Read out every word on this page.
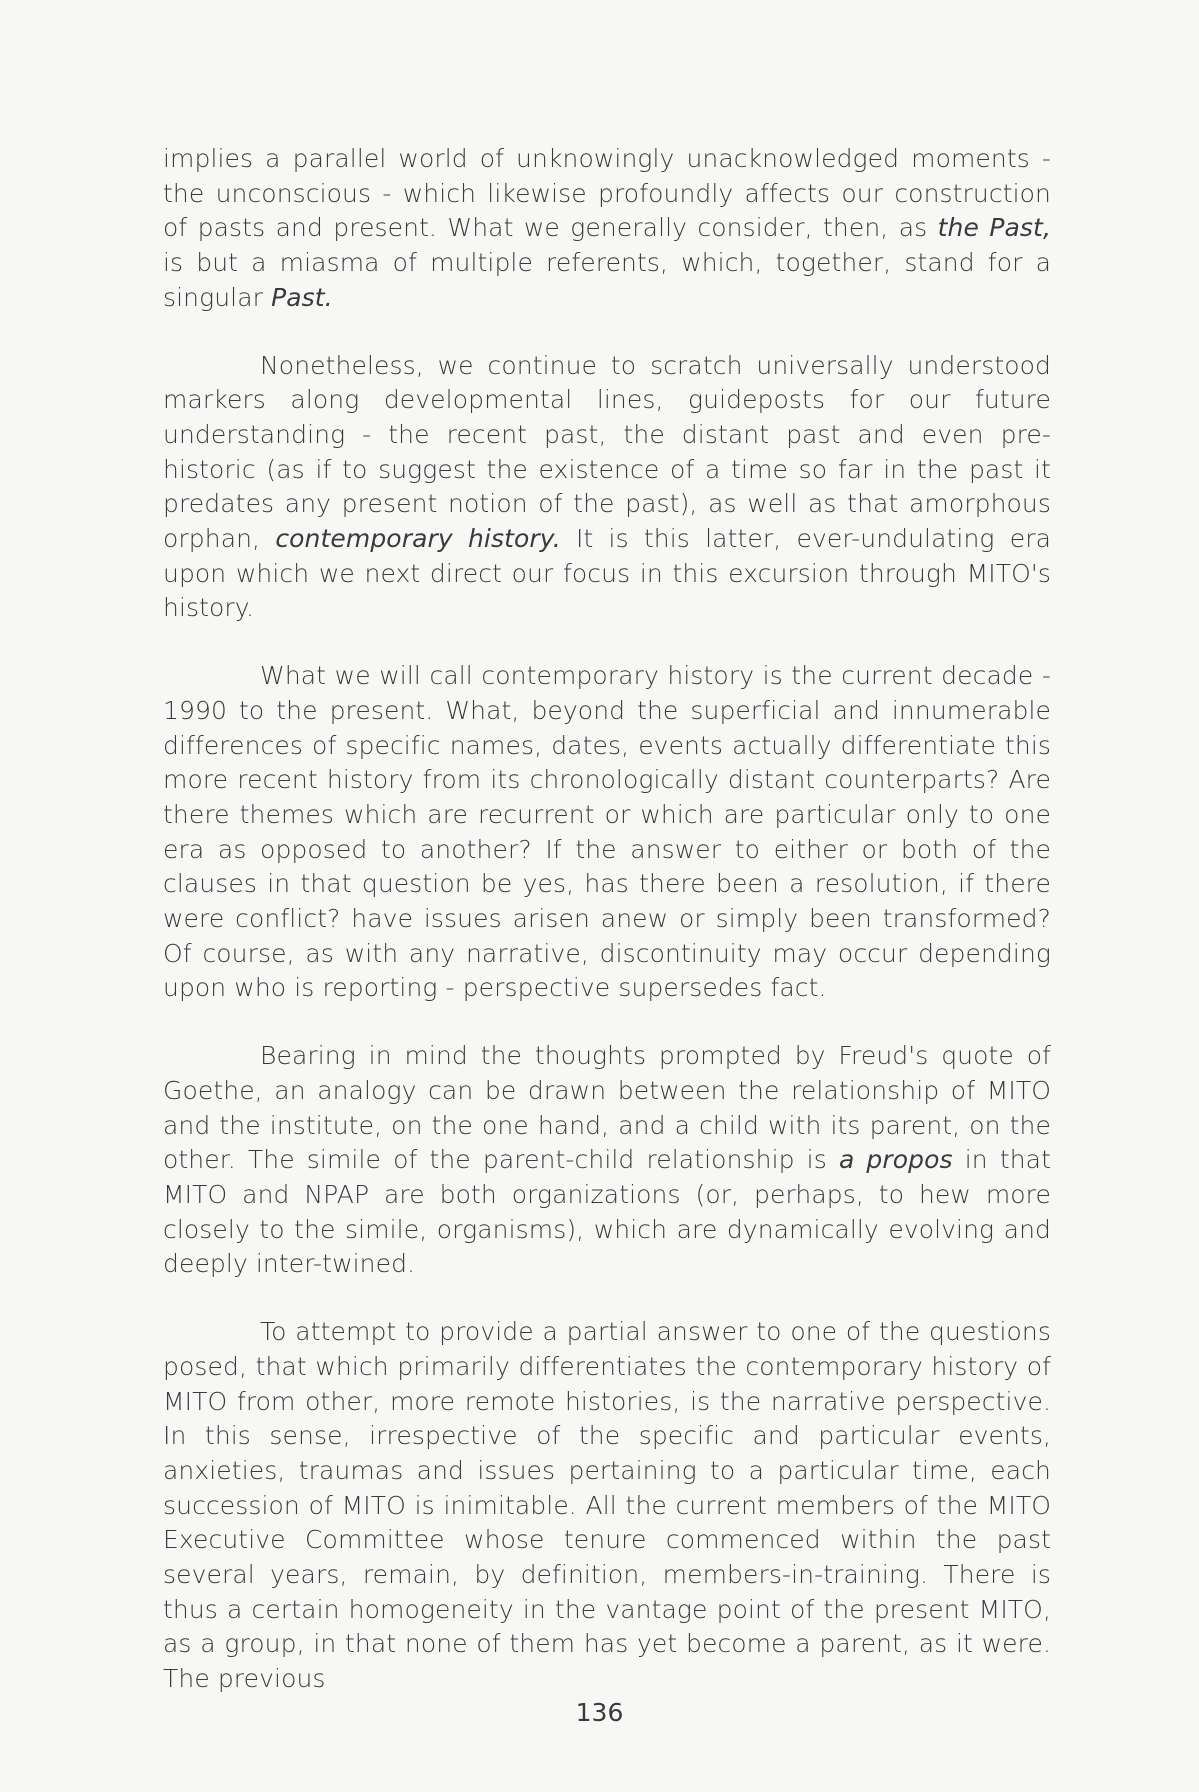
implies a parallel world of unknowingly unacknowledged moments - the unconscious - which likewise profoundly affects our construction of pasts and present. What we generally consider, then, as the Past, is but a miasma of multiple referents, which, together, stand for a singular Past.

Nonetheless, we continue to scratch universally understood markers along developmental lines, guideposts for our future understanding - the recent past, the distant past and even pre-historic (as if to suggest the existence of a time so far in the past it predates any present notion of the past), as well as that amorphous orphan, contemporary history. It is this latter, ever-undulating era upon which we next direct our focus in this excursion through MITO's history.

What we will call contemporary history is the current decade - 1990 to the present. What, beyond the superficial and innumerable differences of specific names, dates, events actually differentiate this more recent history from its chronologically distant counterparts? Are there themes which are recurrent or which are particular only to one era as opposed to another? If the answer to either or both of the clauses in that question be yes, has there been a resolution, if there were conflict? have issues arisen anew or simply been transformed? Of course, as with any narrative, discontinuity may occur depending upon who is reporting - perspective supersedes fact.

Bearing in mind the thoughts prompted by Freud's quote of Goethe, an analogy can be drawn between the relationship of MITO and the institute, on the one hand, and a child with its parent, on the other. The simile of the parent-child relationship is a propos in that MITO and NPAP are both organizations (or, perhaps, to hew more closely to the simile, organisms), which are dynamically evolving and deeply inter-twined.

To attempt to provide a partial answer to one of the questions posed, that which primarily differentiates the contemporary history of MITO from other, more remote histories, is the narrative perspective. In this sense, irrespective of the specific and particular events, anxieties, traumas and issues pertaining to a particular time, each succession of MITO is inimitable. All the current members of the MITO Executive Committee whose tenure commenced within the past several years, remain, by definition, members-in-training. There is thus a certain homogeneity in the vantage point of the present MITO, as a group, in that none of them has yet become a parent, as it were. The previous

136
